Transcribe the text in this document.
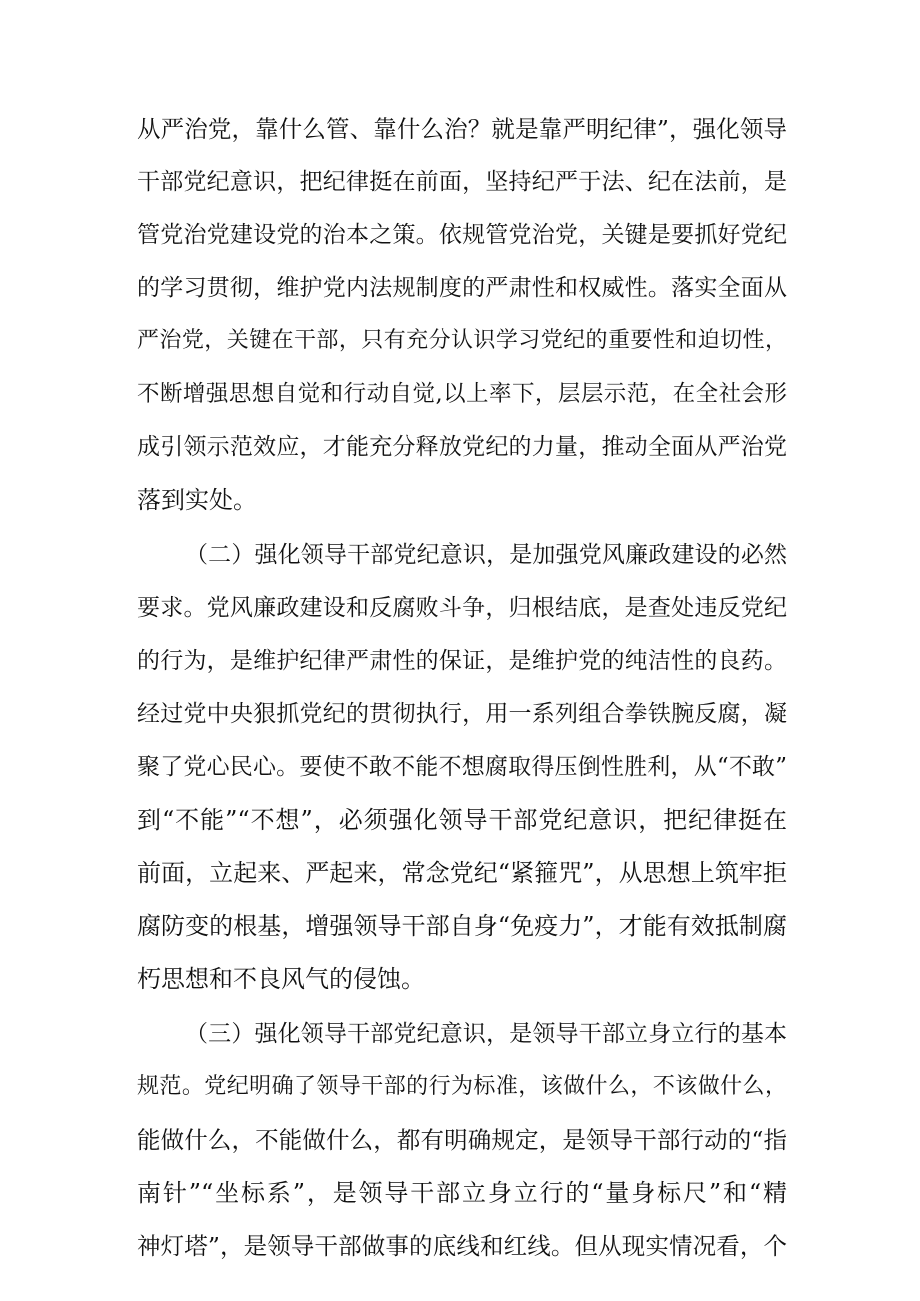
从严治党，靠什么管、靠什么治？就是靠严明纪律”，强化领导
干部党纪意识，把纪律挺在前面，坚持纪严于法、纪在法前，是
管党治党建设党的治本之策。依规管党治党，关键是要抓好党纪
的学习贯彻，维护党内法规制度的严肃性和权威性。落实全面从
严治党，关键在干部，只有充分认识学习党纪的重要性和迫切性，
不断增强思想自觉和行动自觉,以上率下，层层示范，在全社会形
成引领示范效应，才能充分释放党纪的力量，推动全面从严治党
落到实处。
（二）强化领导干部党纪意识，是加强党风廉政建设的必然
要求。党风廉政建设和反腐败斗争，归根结底，是查处违反党纪
的行为，是维护纪律严肃性的保证，是维护党的纯洁性的良药。
经过党中央狠抓党纪的贯彻执行，用一系列组合拳铁腕反腐，凝
聚了党心民心。要使不敢不能不想腐取得压倒性胜利，从“不敢”
到“不能”“不想”，必须强化领导干部党纪意识，把纪律挺在
前面，立起来、严起来，常念党纪“紧箍咒”，从思想上筑牢拒
腐防变的根基，增强领导干部自身“免疫力”，才能有效抵制腐
朽思想和不良风气的侵蚀。
（三）强化领导干部党纪意识，是领导干部立身立行的基本
规范。党纪明确了领导干部的行为标准，该做什么，不该做什么，
能做什么，不能做什么，都有明确规定，是领导干部行动的“指
南针”“坐标系”，是领导干部立身立行的“量身标尺”和“精
神灯塔”，是领导干部做事的底线和红线。但从现实情况看，个
